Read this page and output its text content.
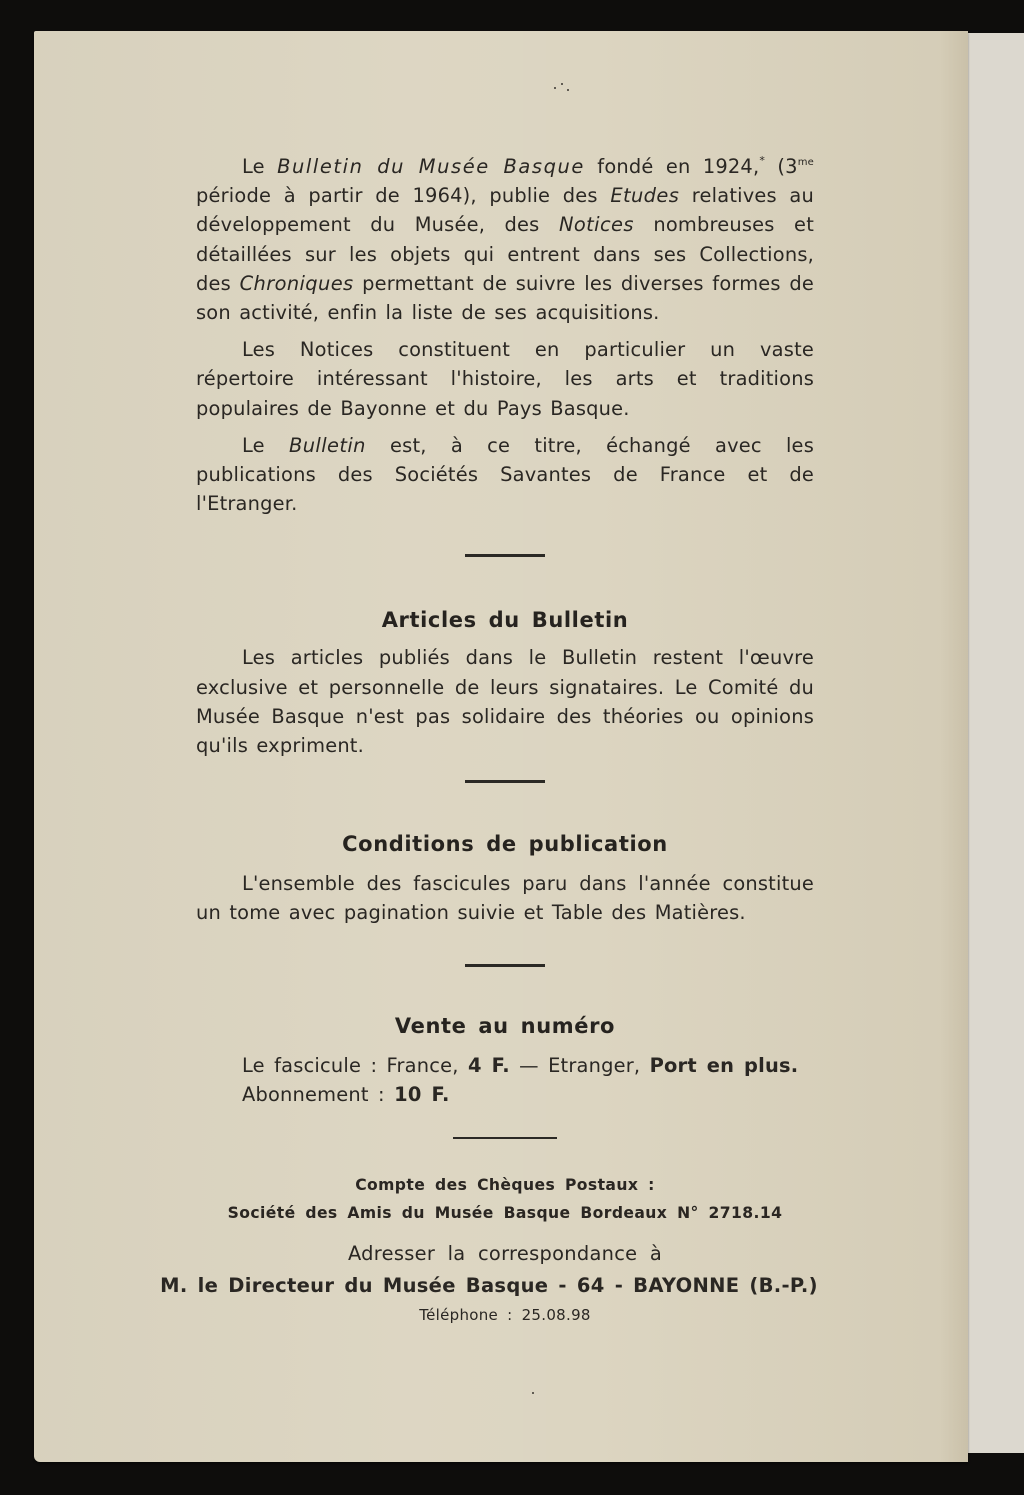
Le Bulletin du Musée Basque fondé en 1924,* ($3^{me}$ période à partir de 1964), publie des Etudes relatives au développement du Musée, des Notices nombreuses et détaillées sur les objets qui entrent dans ses Collections, des Chroniques permettant de suivre les diverses formes de son activité, enfin la liste de ses acquisitions.

Les Notices constituent en particulier un vaste répertoire intéressant l'histoire, les arts et traditions populaires de Bayonne et du Pays Basque.

Le Bulletin est, à ce titre, échangé avec les publications des Sociétés Savantes de France et de l'Etranger.

Articles du Bulletin

Les articles publiés dans le Bulletin restent l'œuvre exclusive et personnelle de leurs signataires. Le Comité du Musée Basque n'est pas solidaire des théories ou opinions qu'ils expriment.

Conditions de publication

L'ensemble des fascicules paru dans l'année constitue un tome avec pagination suivie et Table des Matières.

Vente au numéro
Le fascicule : France, 4 F. — Etranger, Port en plus.
Abonnement : 10 F.
Compte des Chèques Postaux :
Société des Amis du Musée Basque Bordeaux N° 2718.14
Adresser la correspondance à
M. le Directeur du Musée Basque - 64 - BAYONNE (B.-P.)
Téléphone : 25.08.98
